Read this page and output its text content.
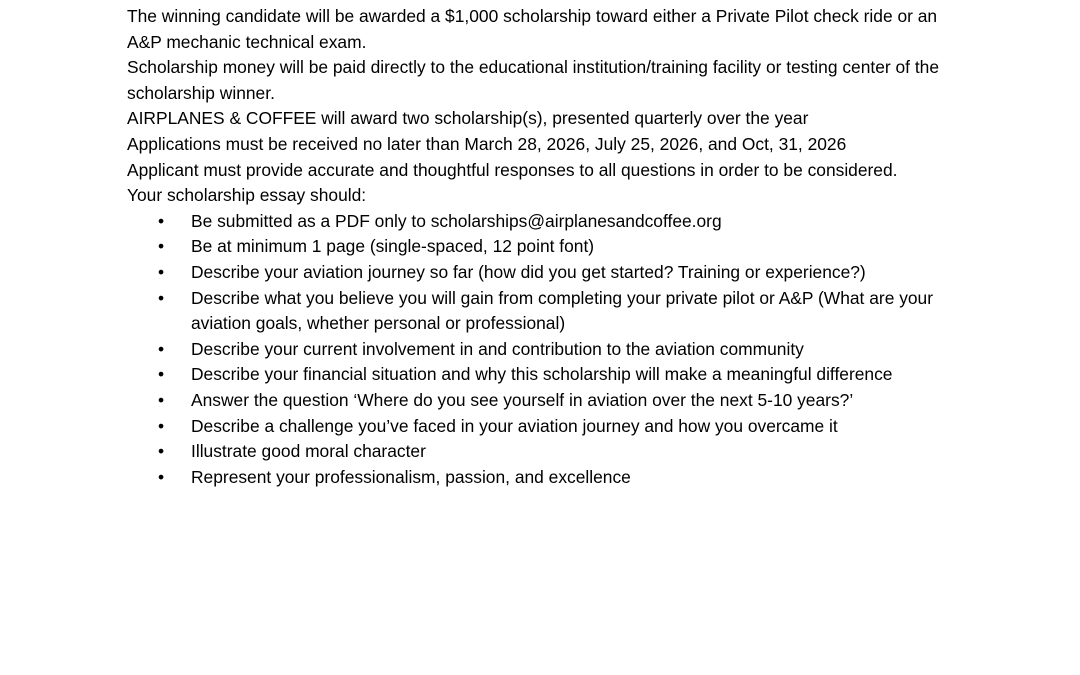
The winning candidate will be awarded a $1,000 scholarship toward either a Private Pilot check ride or an A&P mechanic technical exam.

Scholarship money will be paid directly to the educational institution/training facility or testing center of the scholarship winner.

AIRPLANES & COFFEE will award two scholarship(s), presented quarterly over the year

Applications must be received no later than March 28, 2026, July 25, 2026, and Oct, 31, 2026

Applicant must provide accurate and thoughtful responses to all questions in order to be considered.

Your scholarship essay should:

• Be submitted as a PDF only to scholarships@airplanesandcoffee.org
• Be at minimum 1 page (single-spaced, 12 point font)
• Describe your aviation journey so far (how did you get started? Training or experience?)
• Describe what you believe you will gain from completing your private pilot or A&P (What are your aviation goals, whether personal or professional)
• Describe your current involvement in and contribution to the aviation community
• Describe your financial situation and why this scholarship will make a meaningful difference
• Answer the question ‘Where do you see yourself in aviation over the next 5-10 years?’
• Describe a challenge you’ve faced in your aviation journey and how you overcame it
• Illustrate good moral character
• Represent your professionalism, passion, and excellence
